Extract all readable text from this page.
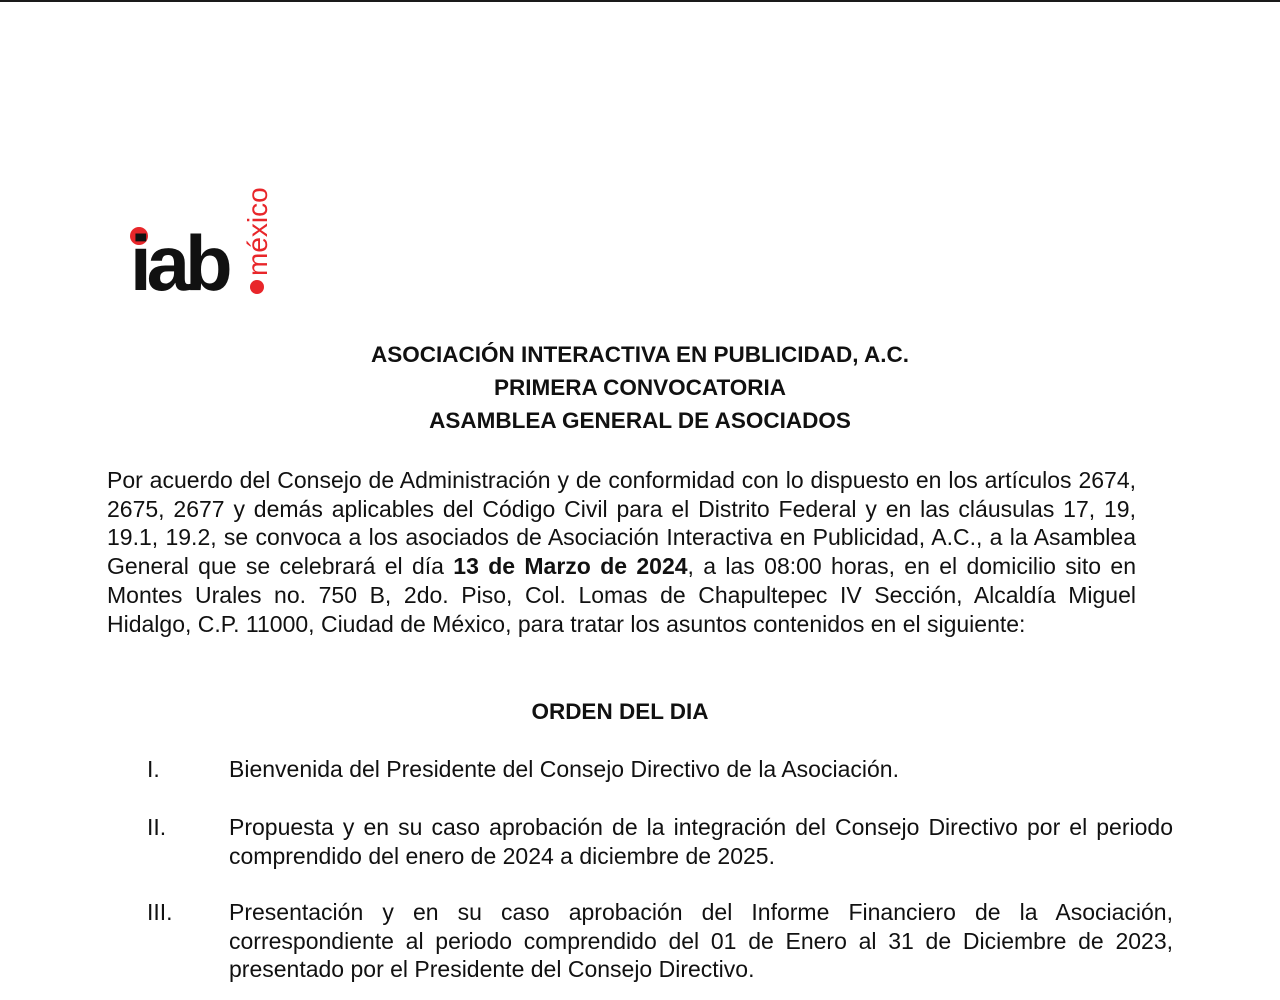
iab méxico
ASOCIACIÓN INTERACTIVA EN PUBLICIDAD, A.C.
PRIMERA CONVOCATORIA
ASAMBLEA GENERAL DE ASOCIADOS

Por acuerdo del Consejo de Administración y de conformidad con lo dispuesto en los artículos 2674, 2675, 2677 y demás aplicables del Código Civil para el Distrito Federal y en las cláusulas 17, 19, 19.1, 19.2, se convoca a los asociados de Asociación Interactiva en Publicidad, A.C., a la Asamblea General que se celebrará el día 13 de Marzo de 2024, a las 08:00 horas, en el domicilio sito en Montes Urales no. 750 B, 2do. Piso, Col. Lomas de Chapultepec IV Sección, Alcaldía Miguel Hidalgo, C.P. 11000, Ciudad de México, para tratar los asuntos contenidos en el siguiente:

ORDEN DEL DIA
I.	Bienvenida del Presidente del Consejo Directivo de la Asociación.

II.	Propuesta y en su caso aprobación de la integración del Consejo Directivo por el periodo comprendido del enero de 2024 a diciembre de 2025.

III. Presentación y en su caso aprobación del Informe Financiero de la Asociación, correspondiente al periodo comprendido del 01 de Enero al 31 de Diciembre de 2023, presentado por el Presidente del Consejo Directivo.
